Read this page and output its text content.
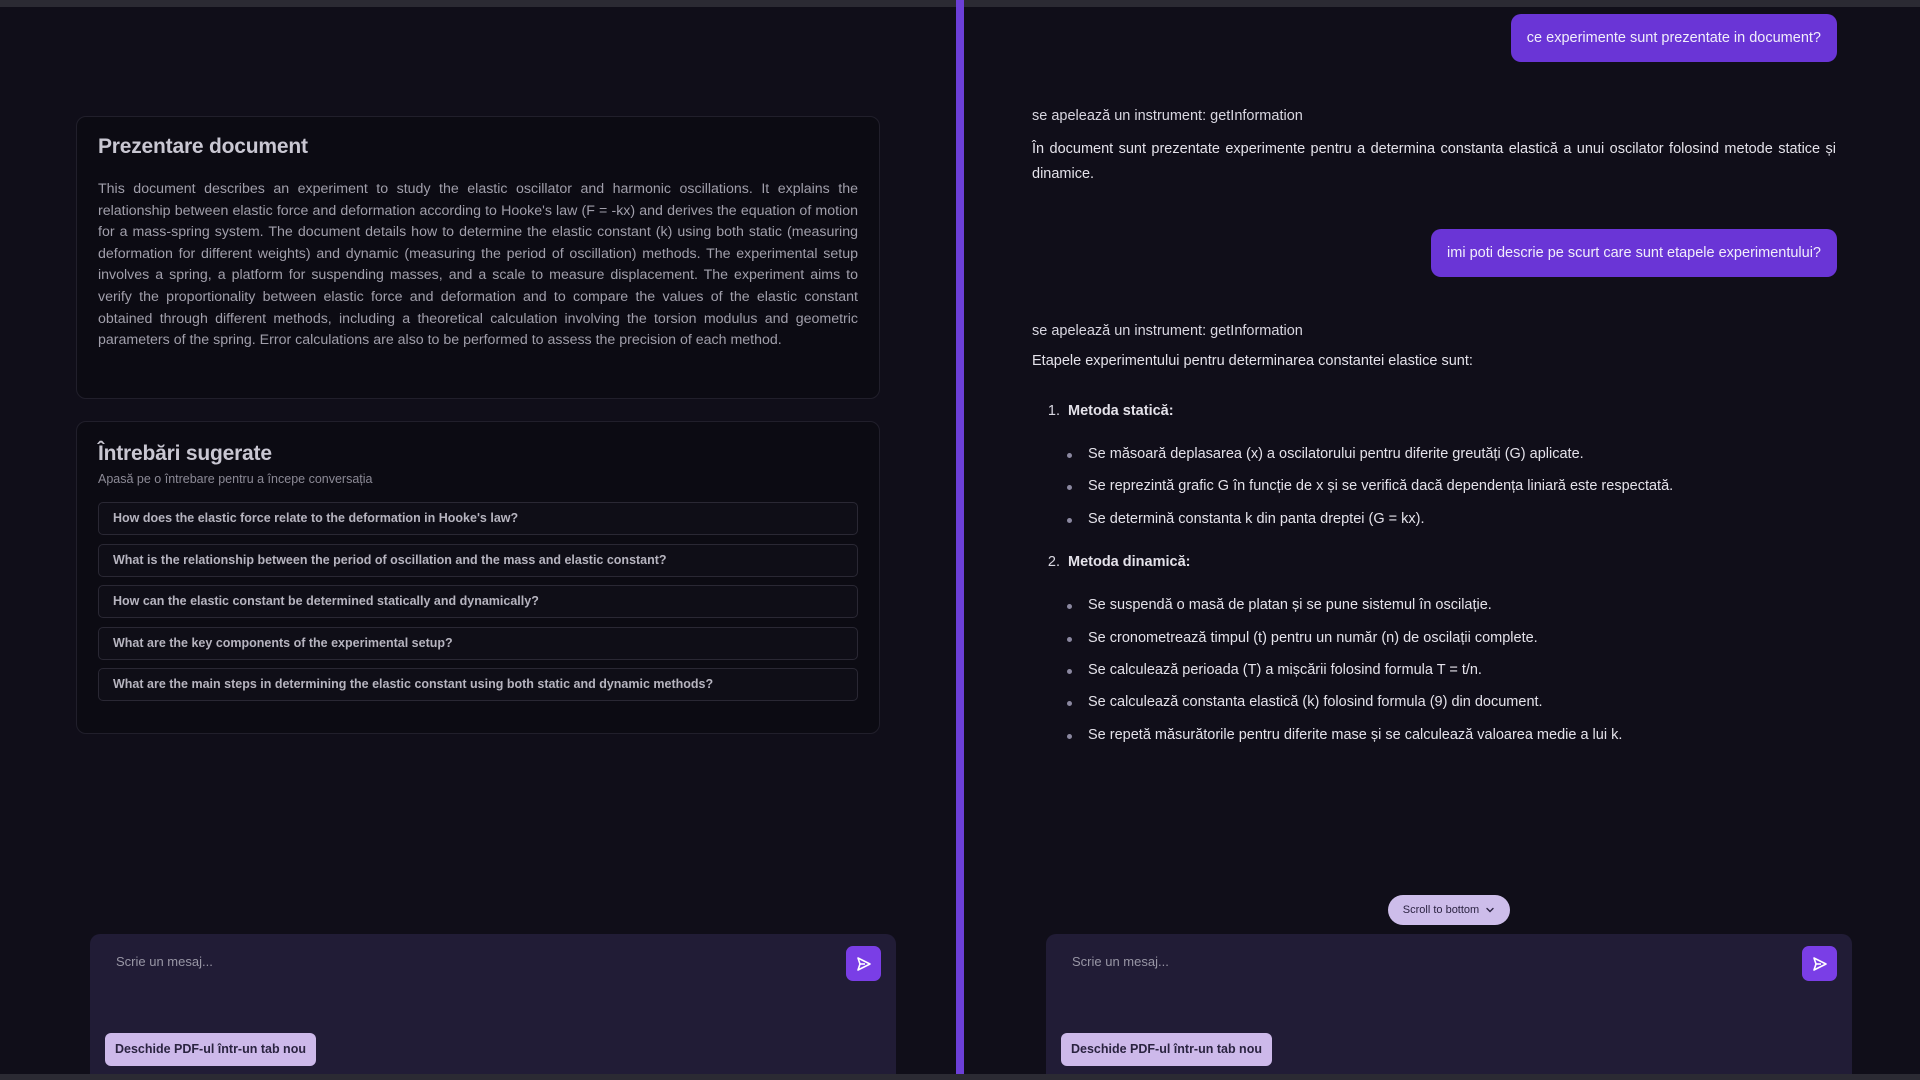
Prezentare document

This document describes an experiment to study the elastic oscillator and harmonic oscillations. It explains the relationship between elastic force and deformation according to Hooke's law (F = -kx) and derives the equation of motion for a mass-spring system. The document details how to determine the elastic constant (k) using both static (measuring deformation for different weights) and dynamic (measuring the period of oscillation) methods. The experimental setup involves a spring, a platform for suspending masses, and a scale to measure displacement. The experiment aims to verify the proportionality between elastic force and deformation and to compare the values of the elastic constant obtained through different methods, including a theoretical calculation involving the torsion modulus and geometric parameters of the spring. Error calculations are also to be performed to assess the precision of each method.

Întrebări sugerate
Apasă pe o întrebare pentru a începe conversația
How does the elastic force relate to the deformation in Hooke's law?
What is the relationship between the period of oscillation and the mass and elastic constant?
How can the elastic constant be determined statically and dynamically?
What are the key components of the experimental setup?
What are the main steps in determining the elastic constant using both static and dynamic methods?
Scrie un mesaj...
Deschide PDF-ul într-un tab nou
ce experimente sunt prezentate in document?
se apelează un instrument: getInformation
În document sunt prezentate experimente pentru a determina constanta elastică a unui oscilator folosind metode statice și dinamice.
imi poti descrie pe scurt care sunt etapele experimentului?
se apelează un instrument: getInformation
Etapele experimentului pentru determinarea constantei elastice sunt:
1. Metoda statică:
Se măsoară deplasarea (x) a oscilatorului pentru diferite greutăți (G) aplicate.
Se reprezintă grafic G în funcție de x și se verifică dacă dependența liniară este respectată.
Se determină constanta k din panta dreptei (G = kx).
2. Metoda dinamică:
Se suspendă o masă de platan și se pune sistemul în oscilație.
Se cronometrează timpul (t) pentru un număr (n) de oscilații complete.
Se calculează perioada (T) a mișcării folosind formula T = t/n.
Se calculează constanta elastică (k) folosind formula (9) din document.
Se repetă măsurătorile pentru diferite mase și se calculează valoarea medie a lui k.
Scroll to bottom
Scrie un mesaj...
Deschide PDF-ul într-un tab nou
